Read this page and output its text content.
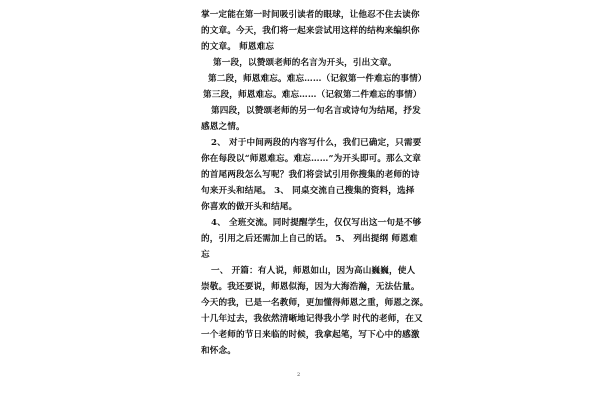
掌一定能在第一时间吸引读者的眼球，让他忍不住去读你
的文章。今天，我们将一起来尝试用这样的结构来编织你
的文章。 师恩难忘
第一段，以赞颂老师的名言为开头，引出文章。
第二段，师恩难忘。难忘……（记叙第一件难忘的事情）
第三段，师恩难忘。难忘……（记叙第二件难忘的事情）
第四段，以赞颂老师的另一句名言或诗句为结尾，抒发
感恩之情。
2、 对于中间两段的内容写什么，我们已确定，只需要
你在每段以“师恩难忘。难忘……”为开头即可。那么文章
的首尾两段怎么写呢？我们将尝试引用你搜集的老师的诗
句来开头和结尾。 3、 同桌交流自己搜集的资料，选择
你喜欢的做开头和结尾。
4、 全班交流。同时提醒学生，仅仅写出这一句是不够
的，引用之后还需加上自己的话。 5、 列出提纲 师恩难
忘
一、 开篇：有人说，师恩如山，因为高山巍巍，使人
崇敬。我还要说，师恩似海，因为大海浩瀚，无法估量。
今天的我，已是一名教师，更加懂得师恩之重，师恩之深。
十几年过去，我依然清晰地记得我小学 时代的老师，在又
一个老师的节日来临的时候，我拿起笔，写下心中的感激
和怀念。
2
